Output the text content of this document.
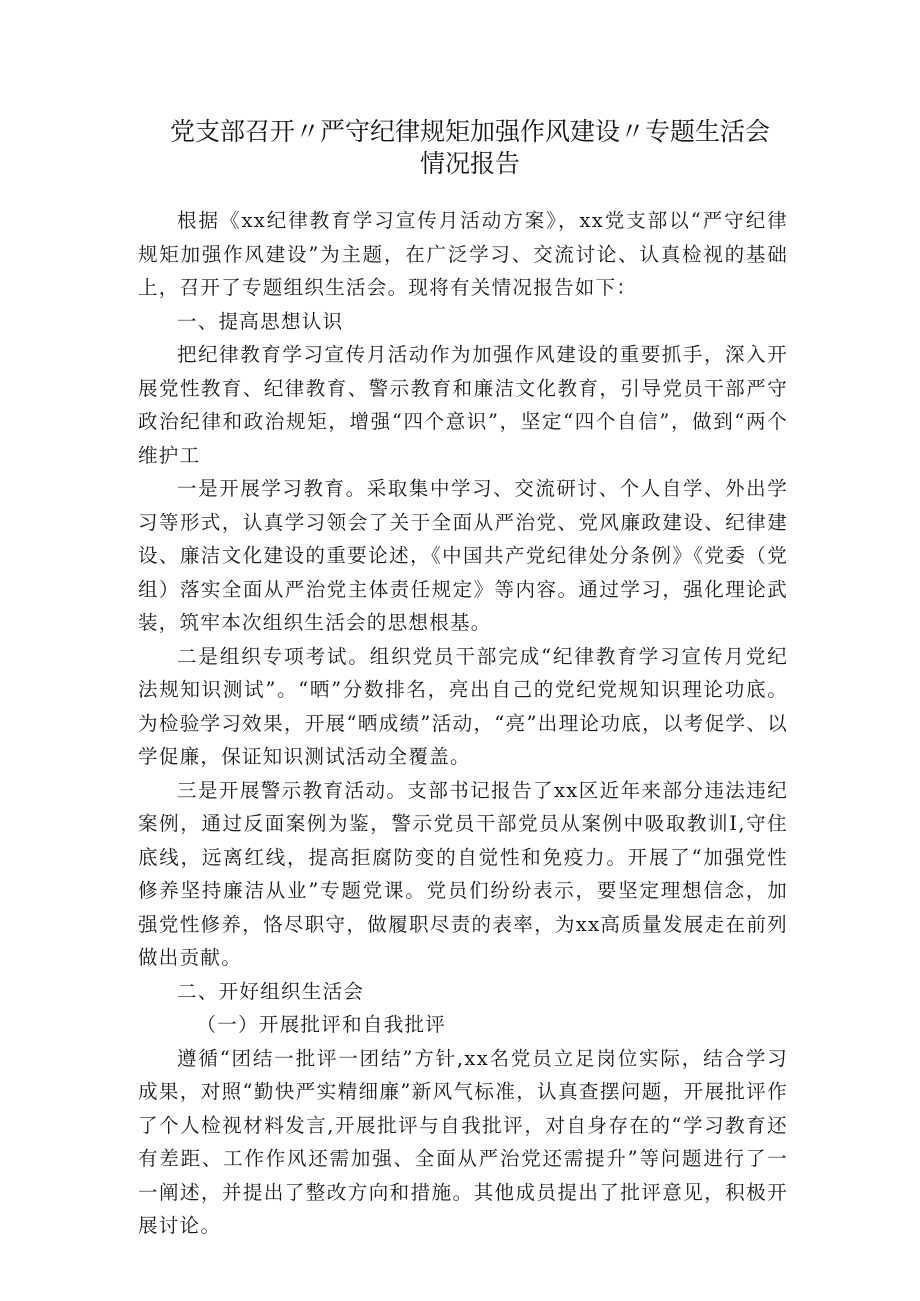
党支部召开〃严守纪律规矩加强作风建设〃专题生活会
情况报告

根据《xx纪律教育学习宣传月活动方案》，xx党支部以“严守纪律规矩加强作风建设”为主题，在广泛学习、交流讨论、认真检视的基础上，召开了专题组织生活会。现将有关情况报告如下：

一、提高思想认识

把纪律教育学习宣传月活动作为加强作风建设的重要抓手，深入开展党性教育、纪律教育、警示教育和廉洁文化教育，引导党员干部严守政治纪律和政治规矩，增强“四个意识”，坚定“四个自信”，做到“两个维护工

一是开展学习教育。采取集中学习、交流研讨、个人自学、外出学习等形式，认真学习领会了关于全面从严治党、党风廉政建设、纪律建设、廉洁文化建设的重要论述，《中国共产党纪律处分条例》《党委（党组）落实全面从严治党主体责任规定》等内容。通过学习，强化理论武装，筑牢本次组织生活会的思想根基。

二是组织专项考试。组织党员干部完成“纪律教育学习宣传月党纪法规知识测试”。“晒”分数排名，亮出自己的党纪党规知识理论功底。为检验学习效果，开展“晒成绩”活动，“亮”出理论功底，以考促学、以学促廉，保证知识测试活动全覆盖。

三是开展警示教育活动。支部书记报告了xx区近年来部分违法违纪案例，通过反面案例为鉴，警示党员干部党员从案例中吸取教训I,守住底线，远离红线，提高拒腐防变的自觉性和免疫力。开展了“加强党性修养坚持廉洁从业”专题党课。党员们纷纷表示，要坚定理想信念，加强党性修养，恪尽职守，做履职尽责的表率，为xx高质量发展走在前列做出贡献。

二、开好组织生活会

（一）开展批评和自我批评

遵循“团结一批评一团结”方针,xx名党员立足岗位实际，结合学习成果，对照“勤快严实精细廉”新风气标准，认真查摆问题，开展批评作了个人检视材料发言,开展批评与自我批评，对自身存在的“学习教育还有差距、工作作风还需加强、全面从严治党还需提升”等问题进行了一一阐述，并提出了整改方向和措施。其他成员提出了批评意见，积极开展讨论。
